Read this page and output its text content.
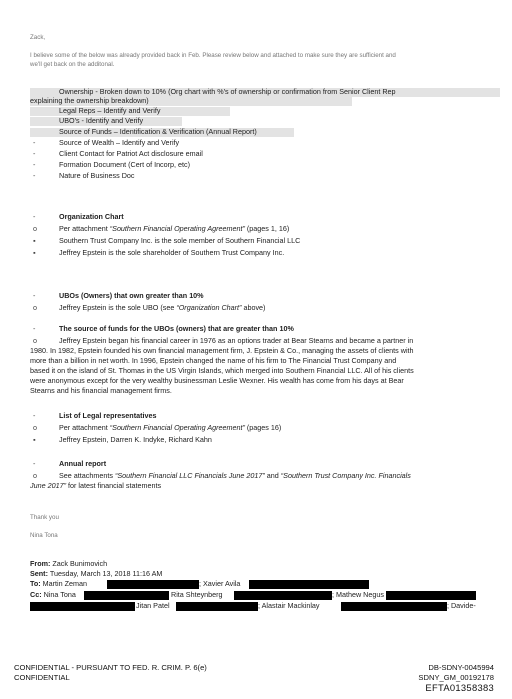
Zack,
I believe some of the below was already provided back in Feb. Please review below and attached to make sure they are sufficient and
we'll get back on the additonal.
Ownership - Broken down to 10% (Org chart with %'s of ownership or confirmation from Senior Client Rep
explaining the ownership breakdown)
Legal Reps – Identify and Verify
UBO's - Identify and Verify
Source of Funds – Identification & Verification (Annual Report)
-	Source of Wealth – Identify and Verify
-	Client Contact for Patriot Act disclosure email
-	Formation Document (Cert of Incorp, etc)
-	Nature of Business Doc
-	Organization Chart
o	Per attachment “Southern Financial Operating Agreement” (pages 1, 16)
▪	Southern Trust Company Inc. is the sole member of Southern Financial LLC
▪	Jeffrey Epstein is the sole shareholder of Southern Trust Company Inc.
-	UBOs (Owners) that own greater than 10%
o	Jeffrey Epstein is the sole UBO (see “Organization Chart” above)
-	The source of funds for the UBOs (owners) that are greater than 10%
o	Jeffrey Epstein began his financial career in 1976 as an options trader at Bear Stearns and became a partner in
1980. In 1982, Epstein founded his own financial management firm, J. Epstein & Co., managing the assets of clients with
more than a billion in net worth. In 1996, Epstein changed the name of his firm to The Financial Trust Company and
based it on the island of St. Thomas in the US Virgin Islands, which merged into Southern Financial LLC. All of his clients
were anonymous except for the very wealthy businessman Leslie Wexner. His wealth has come from his days at Bear
Stearns and his financial management firms.
-	List of Legal representatives
o	Per attachment “Southern Financial Operating Agreement” (pages 16)
▪	Jeffrey Epstein, Darren K. Indyke, Richard Kahn
-	Annual report
o	See attachments “Southern Financial LLC Financials June 2017” and “Southern Trust Company Inc. Financials
June 2017” for latest financial statements
Thank you
Nina Tona
From: Zack Bunimovich
Sent: Tuesday, March 13, 2018 11:16 AM
To: Martin Zeman	; Xavier Avila
Cc: Nina Tona	Rita Shteynberg	; Mathew Negus
Jitan Patel	; Alastair Mackinlay	; Davide-
CONFIDENTIAL - PURSUANT TO FED. R. CRIM. P. 6(e)
CONFIDENTIAL
DB-SDNY-0045994
SDNY_GM_00192178
EFTA01358383
